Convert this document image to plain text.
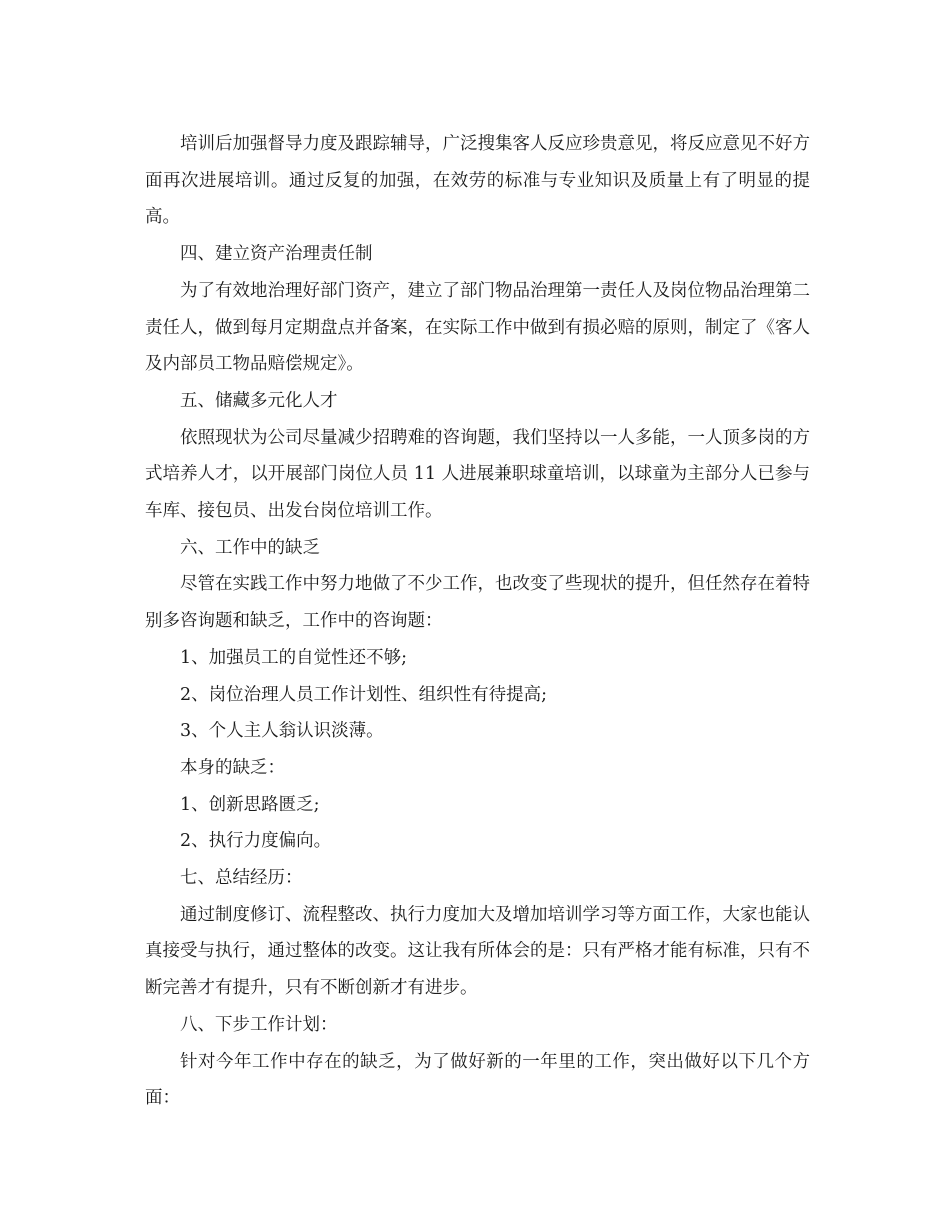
培训后加强督导力度及跟踪辅导，广泛搜集客人反应珍贵意见，将反应意见不好方面再次进展培训。通过反复的加强，在效劳的标准与专业知识及质量上有了明显的提高。

四、建立资产治理责任制

为了有效地治理好部门资产，建立了部门物品治理第一责任人及岗位物品治理第二责任人，做到每月定期盘点并备案，在实际工作中做到有损必赔的原则，制定了《客人及内部员工物品赔偿规定》。

五、储藏多元化人才

依照现状为公司尽量减少招聘难的咨询题，我们坚持以一人多能，一人顶多岗的方式培养人才，以开展部门岗位人员 11 人进展兼职球童培训，以球童为主部分人已参与车库、接包员、出发台岗位培训工作。

六、工作中的缺乏

尽管在实践工作中努力地做了不少工作，也改变了些现状的提升，但任然存在着特别多咨询题和缺乏，工作中的咨询题：

1、加强员工的自觉性还不够;

2、岗位治理人员工作计划性、组织性有待提高;

3、个人主人翁认识淡薄。

本身的缺乏：

1、创新思路匮乏;

2、执行力度偏向。

七、总结经历：

通过制度修订、流程整改、执行力度加大及增加培训学习等方面工作，大家也能认真接受与执行，通过整体的改变。这让我有所体会的是：只有严格才能有标准，只有不断完善才有提升，只有不断创新才有进步。

八、下步工作计划：

针对今年工作中存在的缺乏，为了做好新的一年里的工作，突出做好以下几个方面：
